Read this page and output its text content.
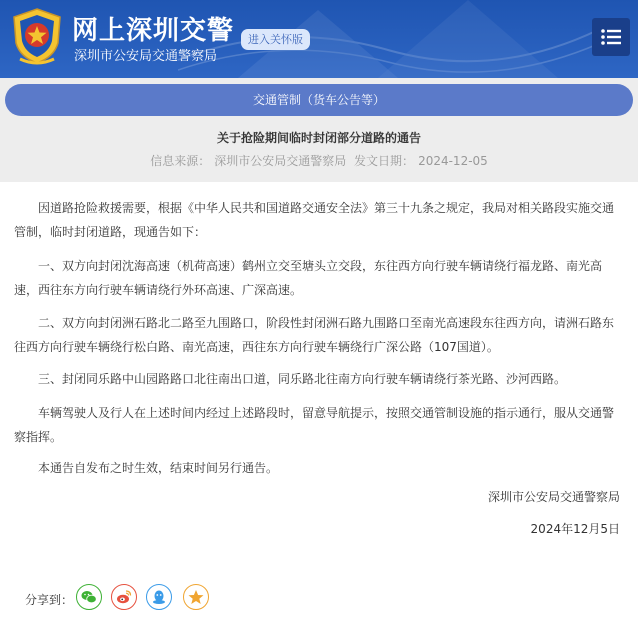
网上深圳交警
深圳市公安局交通警察局
进入关怀版
交通管制（货车公告等）
关于抢险期间临时封闭部分道路的通告
信息来源： 深圳市公安局交通警察局 发文日期： 2024-12-05

因道路抢险救援需要，根据《中华人民共和国道路交通安全法》第三十九条之规定，我局对相关路段实施交通管制，临时封闭道路，现通告如下：

一、双方向封闭沈海高速（机荷高速）鹤州立交至塘头立交段，东往西方向行驶车辆请绕行福龙路、南光高速，西往东方向行驶车辆请绕行外环高速、广深高速。

二、双方向封闭洲石路北二路至九围路口，阶段性封闭洲石路九围路口至南光高速段东往西方向，请洲石路东往西方向行驶车辆绕行松白路、南光高速，西往东方向行驶车辆绕行广深公路（107国道）。

三、封闭同乐路中山园路路口北往南出口道，同乐路北往南方向行驶车辆请绕行茶光路、沙河西路。

车辆驾驶人及行人在上述时间内经过上述路段时，留意导航提示，按照交通管制设施的指示通行，服从交通警察指挥。

本通告自发布之时生效，结束时间另行通告。

深圳市公安局交通警察局
2024年12月5日
分享到：
